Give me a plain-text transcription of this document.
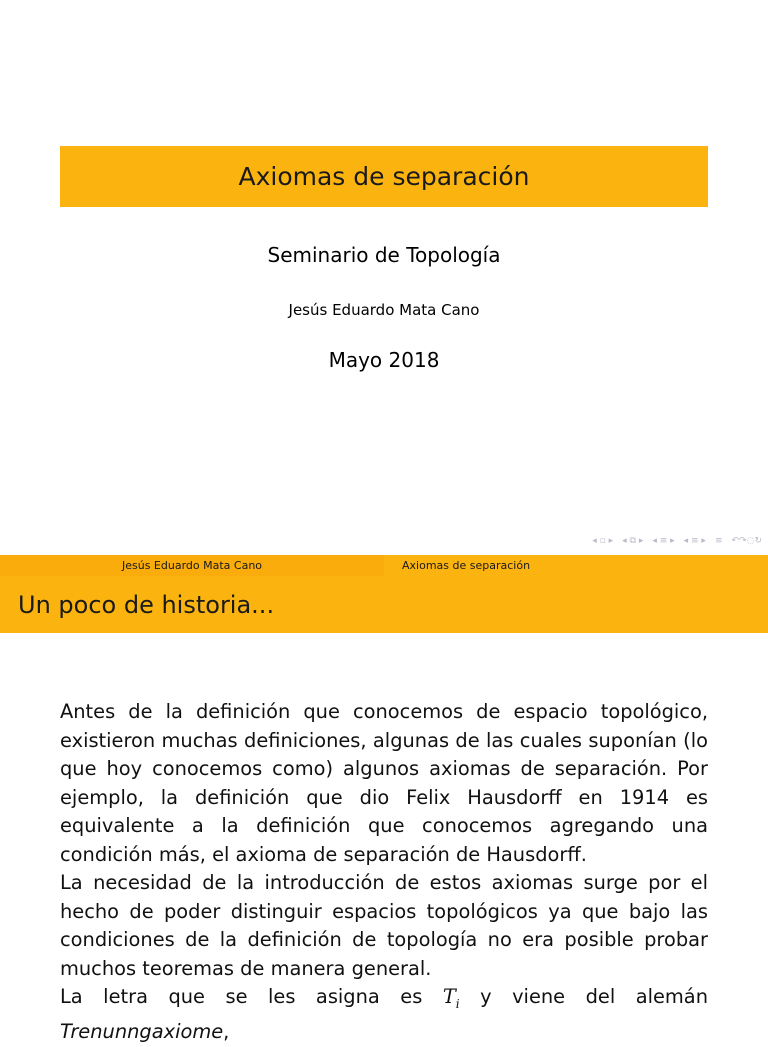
Axiomas de separación
Seminario de Topología
Jesús Eduardo Mata Cano
Mayo 2018
◂ ▫ ▸ ◂ ⧉ ▸ ◂ ≡ ▸ ◂ ≡ ▸ ≡ ↶↷◌↻
Jesús Eduardo Mata Cano	Axiomas de separación
Un poco de historia...

Antes de la definición que conocemos de espacio topológico, existieron muchas definiciones, algunas de las cuales suponían (lo que hoy conocemos como) algunos axiomas de separación. Por ejemplo, la definición que dio Felix Hausdorff en 1914 es equivalente a la definición que conocemos agregando una condición más, el axioma de separación de Hausdorff.

La necesidad de la introducción de estos axiomas surge por el hecho de poder distinguir espacios topológicos ya que bajo las condiciones de la definición de topología no era posible probar muchos teoremas de manera general.

La letra que se les asigna es $T_i$ y viene del alemán Trenunngaxiome,
